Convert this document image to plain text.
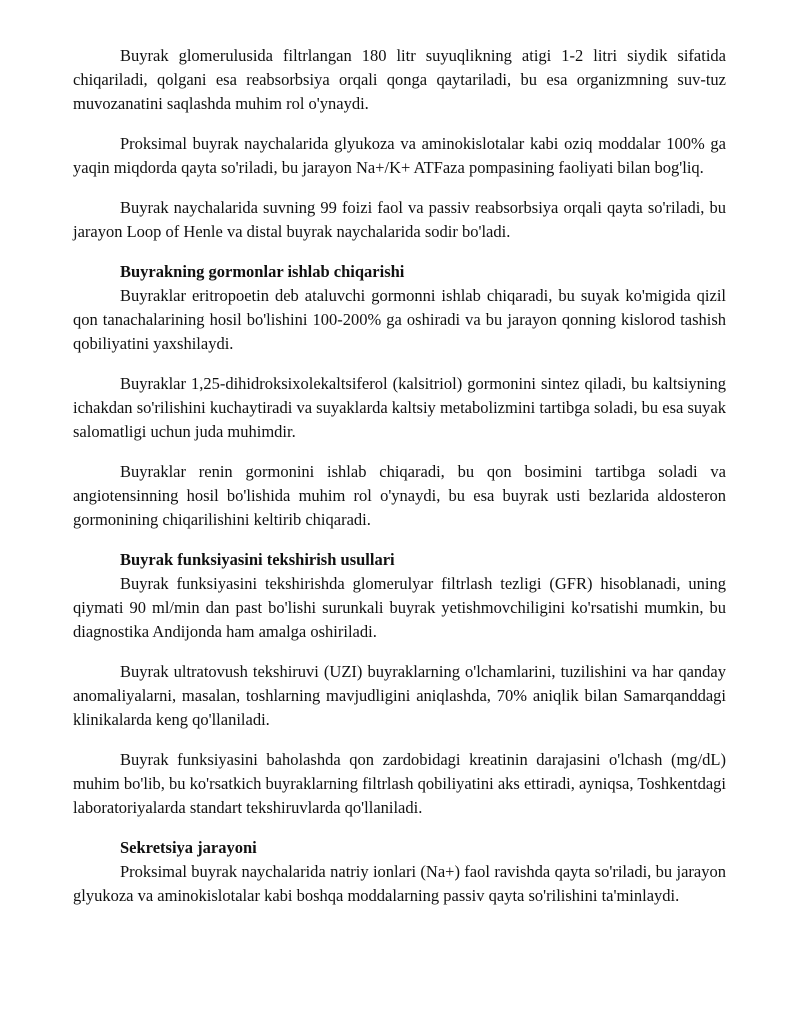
Buyrak glomerulusida filtrlangan 180 litr suyuqlikning atigi 1-2 litri siydik sifatida chiqariladi, qolgani esa reabsorbsiya orqali qonga qaytariladi, bu esa organizmning suv-tuz muvozanatini saqlashda muhim rol o'ynaydi.

Proksimal buyrak naychalarida glyukoza va aminokislotalar kabi oziq moddalar 100% ga yaqin miqdorda qayta so'riladi, bu jarayon Na+/K+ ATFaza pompasining faoliyati bilan bog'liq.

Buyrak naychalarida suvning 99 foizi faol va passiv reabsorbsiya orqali qayta so'riladi, bu jarayon Loop of Henle va distal buyrak naychalarida sodir bo'ladi.

Buyrakning gormonlar ishlab chiqarishi

Buyraklar eritropoetin deb ataluvchi gormonni ishlab chiqaradi, bu suyak ko'migida qizil qon tanachalarining hosil bo'lishini 100-200% ga oshiradi va bu jarayon qonning kislorod tashish qobiliyatini yaxshilaydi.

Buyraklar 1,25-dihidroksixolekaltsiferol (kalsitriol) gormonini sintez qiladi, bu kaltsiyning ichakdan so'rilishini kuchaytiradi va suyaklarda kaltsiy metabolizmini tartibga soladi, bu esa suyak salomatligi uchun juda muhimdir.

Buyraklar renin gormonini ishlab chiqaradi, bu qon bosimini tartibga soladi va angiotensinning hosil bo'lishida muhim rol o'ynaydi, bu esa buyrak usti bezlarida aldosteron gormonining chiqarilishini keltirib chiqaradi.

Buyrak funksiyasini tekshirish usullari

Buyrak funksiyasini tekshirishda glomerulyar filtrlash tezligi (GFR) hisoblanadi, uning qiymati 90 ml/min dan past bo'lishi surunkali buyrak yetishmovchiligini ko'rsatishi mumkin, bu diagnostika Andijonda ham amalga oshiriladi.

Buyrak ultratovush tekshiruvi (UZI) buyraklarning o'lchamlarini, tuzilishini va har qanday anomaliyalarni, masalan, toshlarning mavjudligini aniqlashda, 70% aniqlik bilan Samarqanddagi klinikalarda keng qo'llaniladi.

Buyrak funksiyasini baholashda qon zardobidagi kreatinin darajasini o'lchash (mg/dL) muhim bo'lib, bu ko'rsatkich buyraklarning filtrlash qobiliyatini aks ettiradi, ayniqsa, Toshkentdagi laboratoriyalarda standart tekshiruvlarda qo'llaniladi.

Sekretsiya jarayoni

Proksimal buyrak naychalarida natriy ionlari (Na+) faol ravishda qayta so'riladi, bu jarayon glyukoza va aminokislotalar kabi boshqa moddalarning passiv qayta so'rilishini ta'minlaydi.
